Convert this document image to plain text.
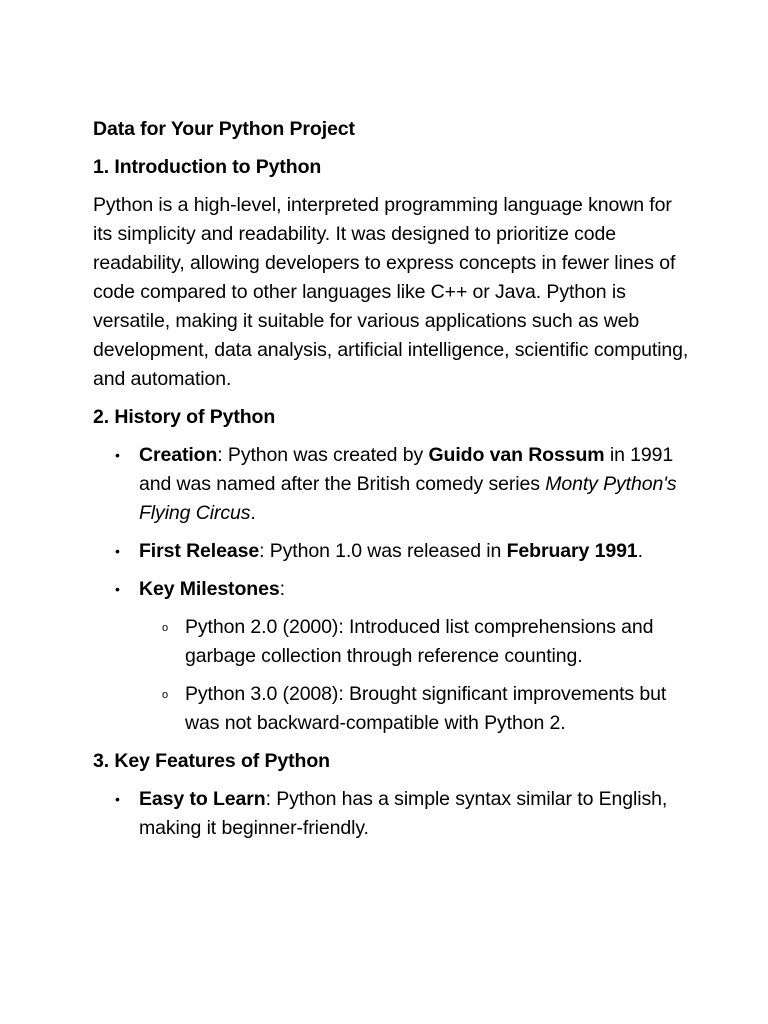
Data for Your Python Project

1. Introduction to Python

Python is a high-level, interpreted programming language known for its simplicity and readability. It was designed to prioritize code readability, allowing developers to express concepts in fewer lines of code compared to other languages like C++ or Java. Python is versatile, making it suitable for various applications such as web development, data analysis, artificial intelligence, scientific computing, and automation.

2. History of Python

• Creation: Python was created by Guido van Rossum in 1991 and was named after the British comedy series Monty Python's Flying Circus.
• First Release: Python 1.0 was released in February 1991.
• Key Milestones:
o Python 2.0 (2000): Introduced list comprehensions and garbage collection through reference counting.
o Python 3.0 (2008): Brought significant improvements but was not backward-compatible with Python 2.

3. Key Features of Python

• Easy to Learn: Python has a simple syntax similar to English, making it beginner-friendly.
